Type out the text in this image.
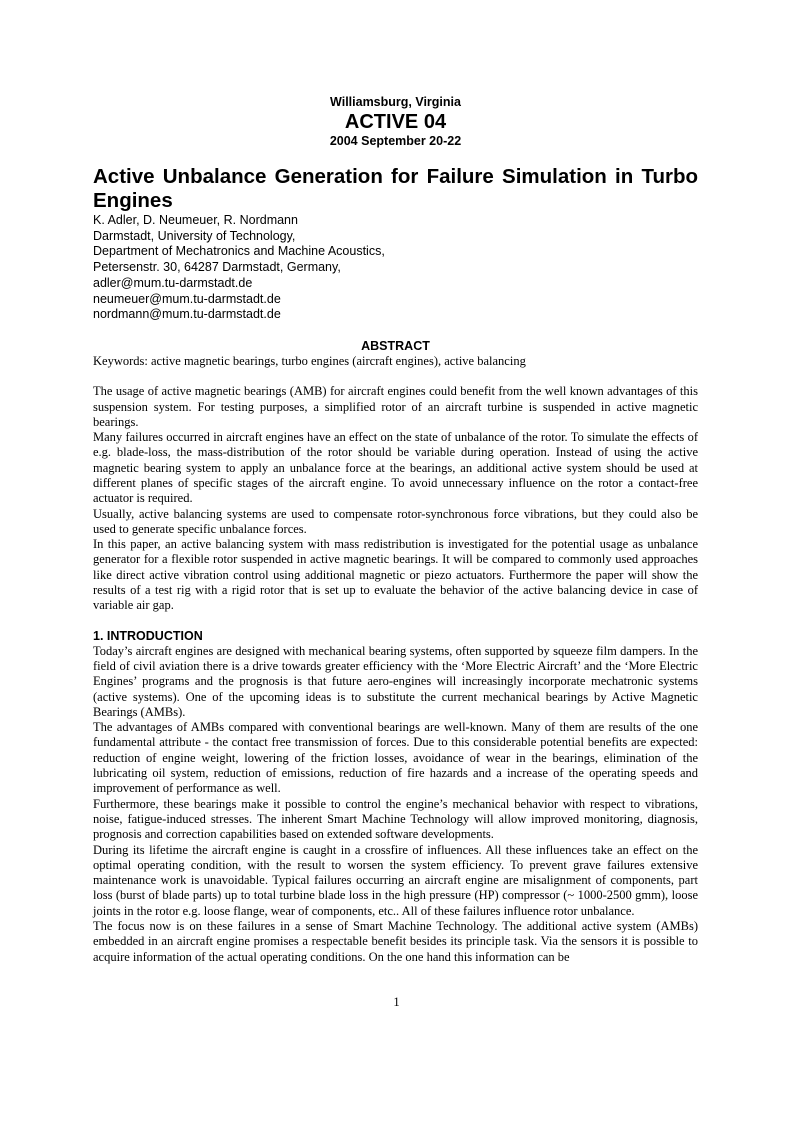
Williamsburg, Virginia
ACTIVE 04
2004 September 20-22
Active Unbalance Generation for Failure Simulation in Turbo Engines
K. Adler, D. Neumeuer, R. Nordmann
Darmstadt, University of Technology,
Department of Mechatronics and Machine Acoustics,
Petersenstr. 30, 64287 Darmstadt, Germany,
adler@mum.tu-darmstadt.de
neumeuer@mum.tu-darmstadt.de
nordmann@mum.tu-darmstadt.de
ABSTRACT

Keywords: active magnetic bearings, turbo engines (aircraft engines), active balancing

The usage of active magnetic bearings (AMB) for aircraft engines could benefit from the well known advantages of this suspension system. For testing purposes, a simplified rotor of an aircraft turbine is suspended in active magnetic bearings.

Many failures occurred in aircraft engines have an effect on the state of unbalance of the rotor. To simulate the effects of e.g. blade-loss, the mass-distribution of the rotor should be variable during operation. Instead of using the active magnetic bearing system to apply an unbalance force at the bearings, an additional active system should be used at different planes of specific stages of the aircraft engine. To avoid unnecessary influence on the rotor a contact-free actuator is required.

Usually, active balancing systems are used to compensate rotor-synchronous force vibrations, but they could also be used to generate specific unbalance forces.

In this paper, an active balancing system with mass redistribution is investigated for the potential usage as unbalance generator for a flexible rotor suspended in active magnetic bearings. It will be compared to commonly used approaches like direct active vibration control using additional magnetic or piezo actuators. Furthermore the paper will show the results of a test rig with a rigid rotor that is set up to evaluate the behavior of the active balancing device in case of variable air gap.

1. INTRODUCTION

Today’s aircraft engines are designed with mechanical bearing systems, often supported by squeeze film dampers. In the field of civil aviation there is a drive towards greater efficiency with the ‘More Electric Aircraft’ and the ‘More Electric Engines’ programs and the prognosis is that future aero-engines will increasingly incorporate mechatronic systems (active systems). One of the upcoming ideas is to substitute the current mechanical bearings by Active Magnetic Bearings (AMBs).

The advantages of AMBs compared with conventional bearings are well-known. Many of them are results of the one fundamental attribute - the contact free transmission of forces. Due to this considerable potential benefits are expected: reduction of engine weight, lowering of the friction losses, avoidance of wear in the bearings, elimination of the lubricating oil system, reduction of emissions, reduction of fire hazards and a increase of the operating speeds and improvement of performance as well.

Furthermore, these bearings make it possible to control the engine’s mechanical behavior with respect to vibrations, noise, fatigue-induced stresses. The inherent Smart Machine Technology will allow improved monitoring, diagnosis, prognosis and correction capabilities based on extended software developments.

During its lifetime the aircraft engine is caught in a crossfire of influences. All these influences take an effect on the optimal operating condition, with the result to worsen the system efficiency. To prevent grave failures extensive maintenance work is unavoidable. Typical failures occurring an aircraft engine are misalignment of components, part loss (burst of blade parts) up to total turbine blade loss in the high pressure (HP) compressor (~ 1000-2500 gmm), loose joints in the rotor e.g. loose flange, wear of components, etc.. All of these failures influence rotor unbalance.

The focus now is on these failures in a sense of Smart Machine Technology. The additional active system (AMBs) embedded in an aircraft engine promises a respectable benefit besides its principle task. Via the sensors it is possible to acquire information of the actual operating conditions. On the one hand this information can be

1
